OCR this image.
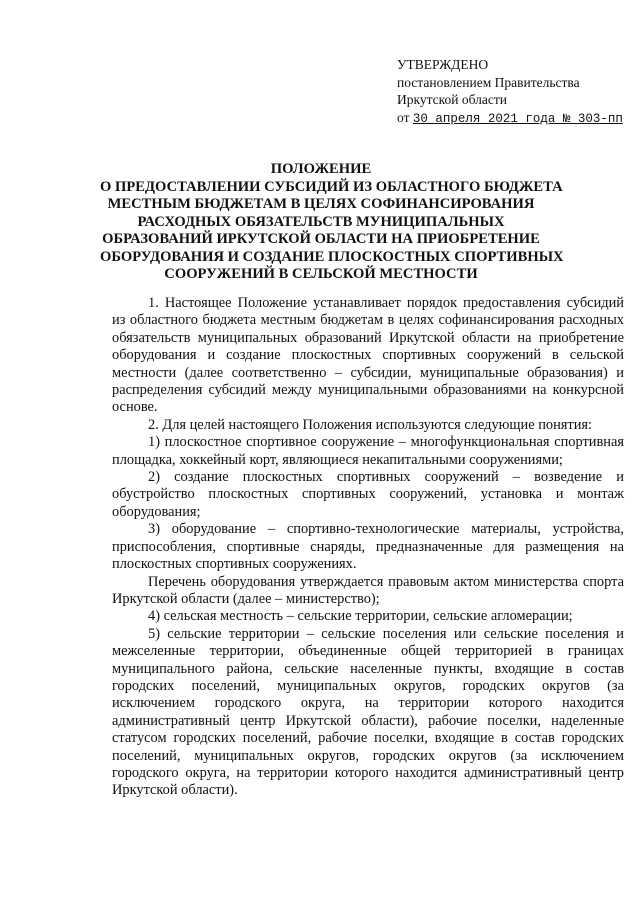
УТВЕРЖДЕНО
постановлением Правительства
Иркутской области
от 30 апреля 2021 года № 303-пп
ПОЛОЖЕНИЕ
О ПРЕДОСТАВЛЕНИИ СУБСИДИЙ ИЗ ОБЛАСТНОГО БЮДЖЕТА
МЕСТНЫМ БЮДЖЕТАМ В ЦЕЛЯХ СОФИНАНСИРОВАНИЯ
РАСХОДНЫХ ОБЯЗАТЕЛЬСТВ МУНИЦИПАЛЬНЫХ
ОБРАЗОВАНИЙ ИРКУТСКОЙ ОБЛАСТИ НА ПРИОБРЕТЕНИЕ
ОБОРУДОВАНИЯ И СОЗДАНИЕ ПЛОСКОСТНЫХ СПОРТИВНЫХ
СООРУЖЕНИЙ В СЕЛЬСКОЙ МЕСТНОСТИ

1. Настоящее Положение устанавливает порядок предоставления субсидий из областного бюджета местным бюджетам в целях софинансирования расходных обязательств муниципальных образований Иркутской области на приобретение оборудования и создание плоскостных спортивных сооружений в сельской местности (далее соответственно – субсидии, муниципальные образования) и распределения субсидий между муниципальными образованиями на конкурсной основе.

2. Для целей настоящего Положения используются следующие понятия:

1) плоскостное спортивное сооружение – многофункциональная спортивная площадка, хоккейный корт, являющиеся некапитальными сооружениями;

2) создание плоскостных спортивных сооружений – возведение и обустройство плоскостных спортивных сооружений, установка и монтаж оборудования;

3) оборудование – спортивно-технологические материалы, устройства, приспособления, спортивные снаряды, предназначенные для размещения на плоскостных спортивных сооружениях.

Перечень оборудования утверждается правовым актом министерства спорта Иркутской области (далее – министерство);

4) сельская местность – сельские территории, сельские агломерации;

5) сельские территории – сельские поселения или сельские поселения и межселенные территории, объединенные общей территорией в границах муниципального района, сельские населенные пункты, входящие в состав городских поселений, муниципальных округов, городских округов (за исключением городского округа, на территории которого находится административный центр Иркутской области), рабочие поселки, наделенные статусом городских поселений, рабочие поселки, входящие в состав городских поселений, муниципальных округов, городских округов (за исключением городского округа, на территории которого находится административный центр Иркутской области).
